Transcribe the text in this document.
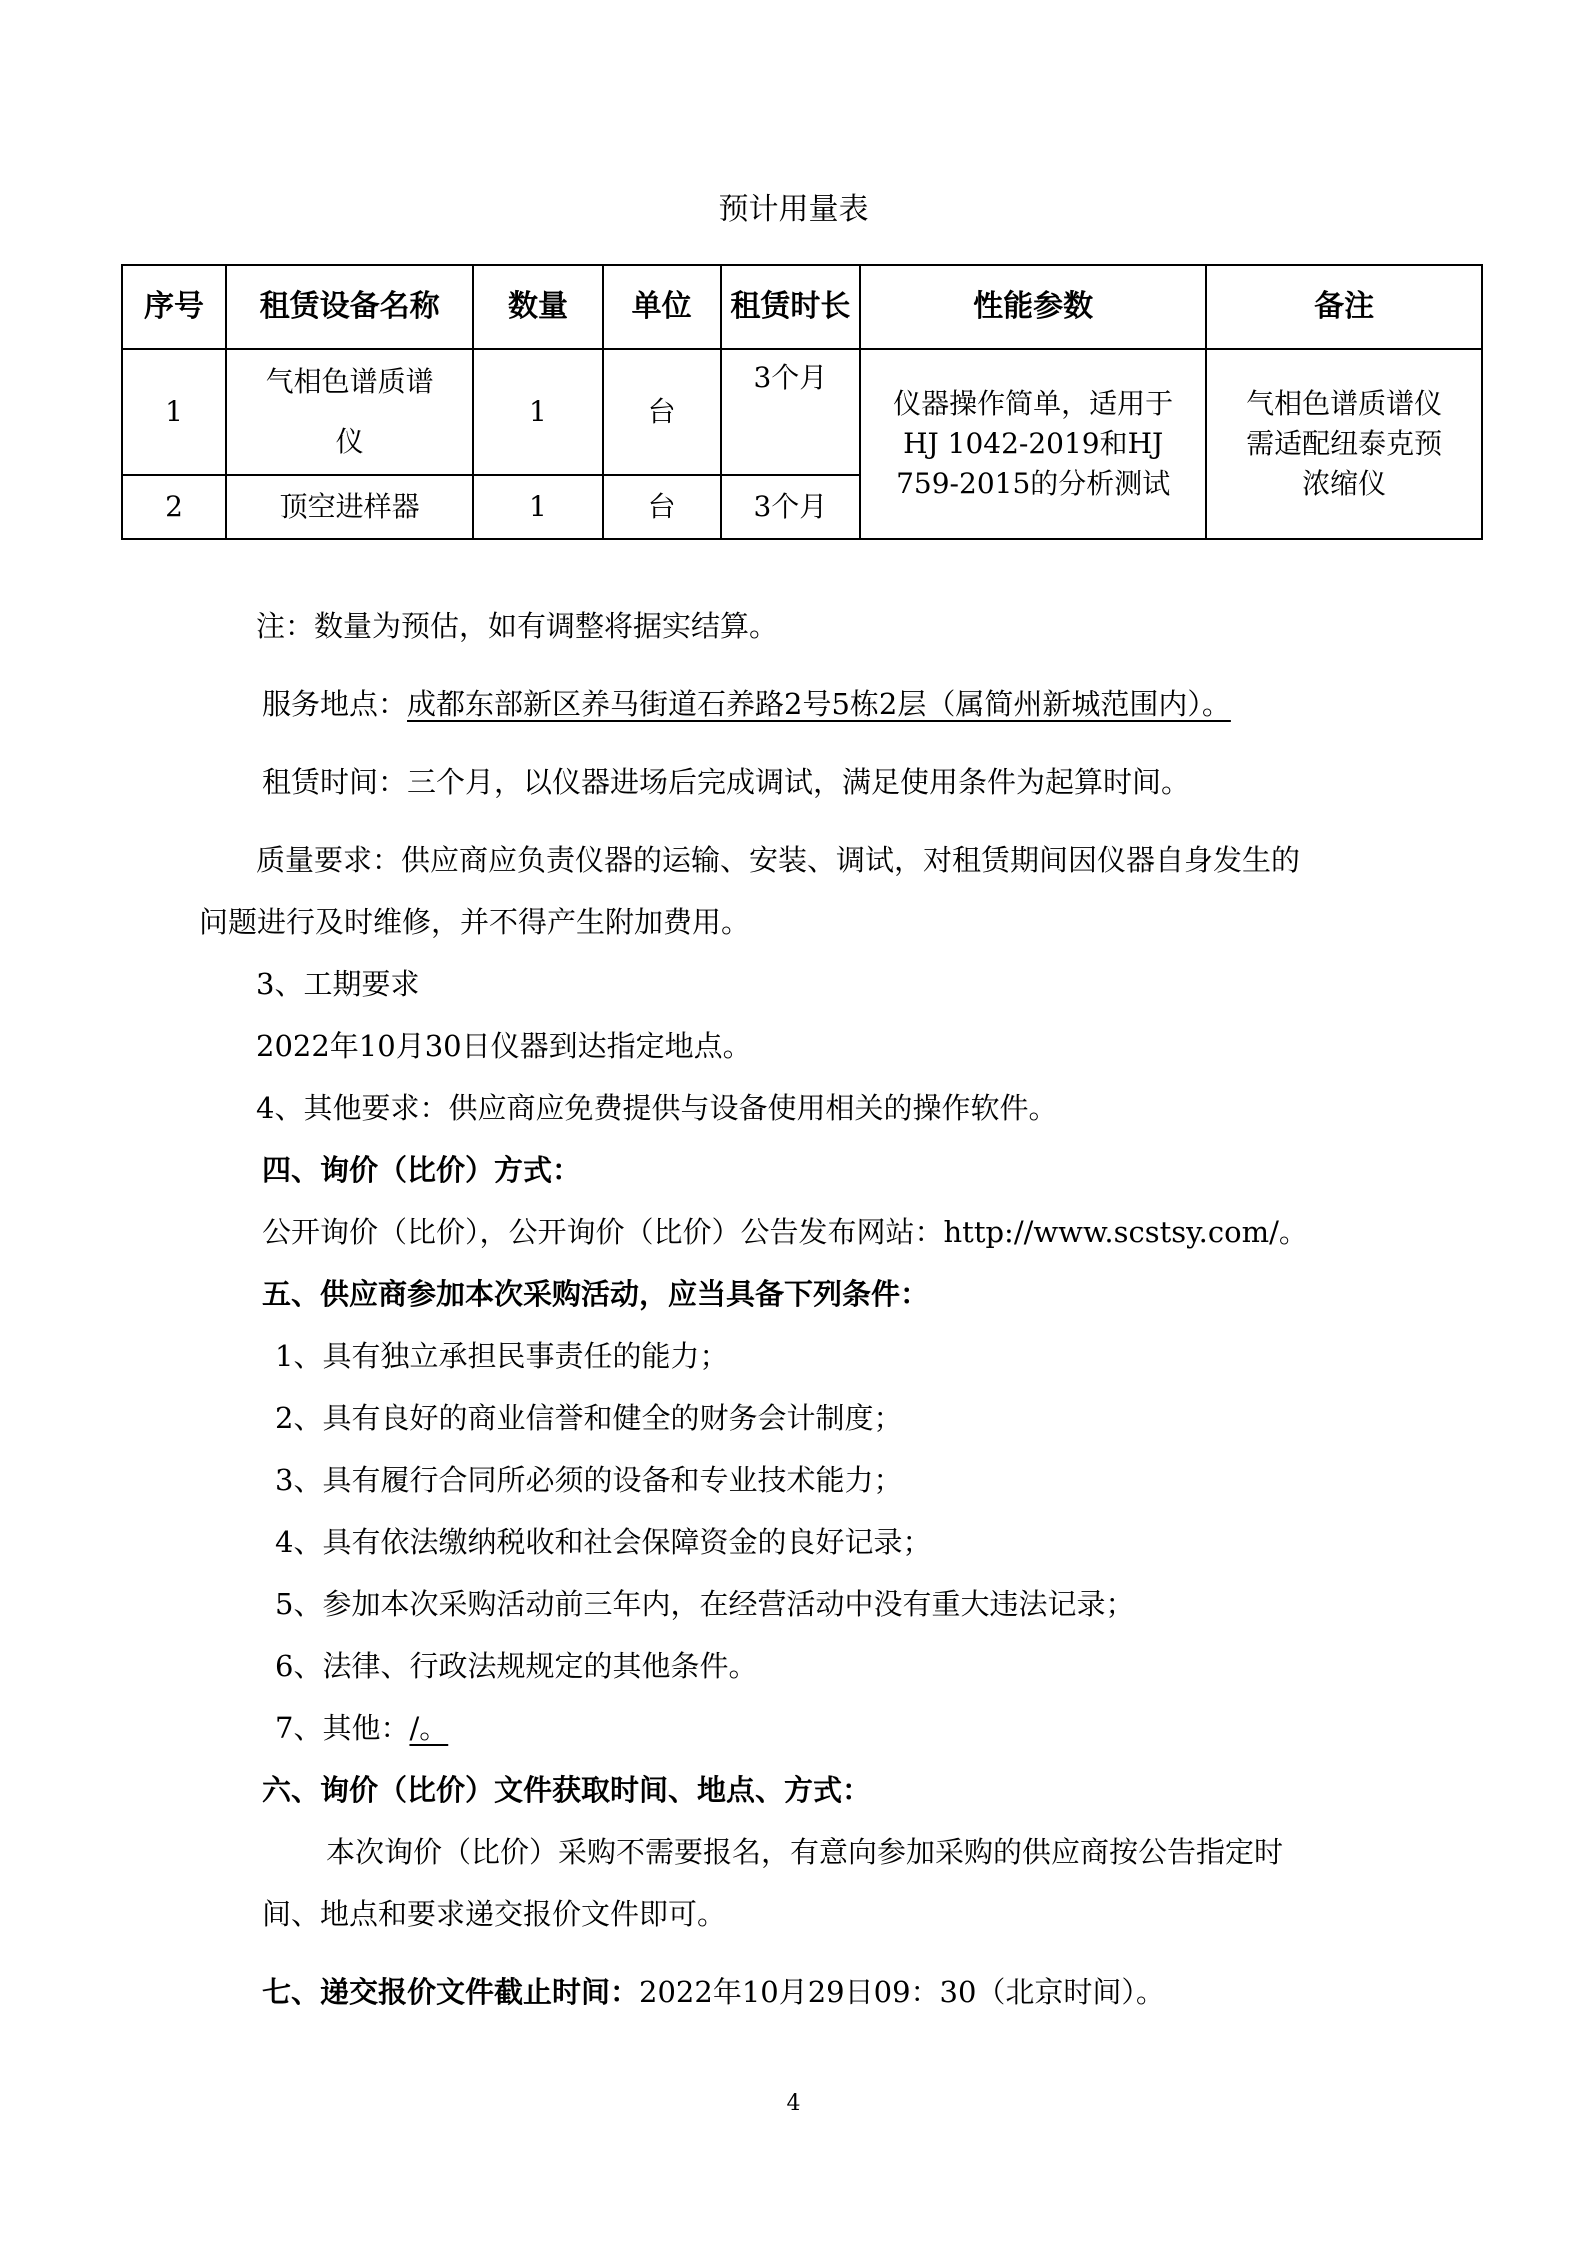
预计用量表
序号	租赁设备名称	数量	单位	租赁时长	性能参数	备注
1	气相色谱质谱仪	1	台	3个月	仪器操作简单，适用于HJ 1042-2019和HJ 759-2015的分析测试	气相色谱质谱仪需适配纽泰克预浓缩仪
2	顶空进样器	1	台	3个月		
注：数量为预估，如有调整将据实结算。
服务地点：成都东部新区养马街道石养路2号5栋2层（属简州新城范围内）。
租赁时间：三个月，以仪器进场后完成调试，满足使用条件为起算时间。
质量要求：供应商应负责仪器的运输、安装、调试，对租赁期间因仪器自身发生的
问题进行及时维修，并不得产生附加费用。
3、工期要求
2022年10月30日仪器到达指定地点。
4、其他要求：供应商应免费提供与设备使用相关的操作软件。
四、询价（比价）方式：
公开询价（比价），公开询价（比价）公告发布网站：http://www.scstsy.com/。
五、供应商参加本次采购活动，应当具备下列条件：
1、具有独立承担民事责任的能力；
2、具有良好的商业信誉和健全的财务会计制度；
3、具有履行合同所必须的设备和专业技术能力；
4、具有依法缴纳税收和社会保障资金的良好记录；
5、参加本次采购活动前三年内，在经营活动中没有重大违法记录；
6、法律、行政法规规定的其他条件。
7、其他：/。
六、询价（比价）文件获取时间、地点、方式：
本次询价（比价）采购不需要报名，有意向参加采购的供应商按公告指定时
间、地点和要求递交报价文件即可。
七、递交报价文件截止时间：2022年10月29日09：30（北京时间）。
4
